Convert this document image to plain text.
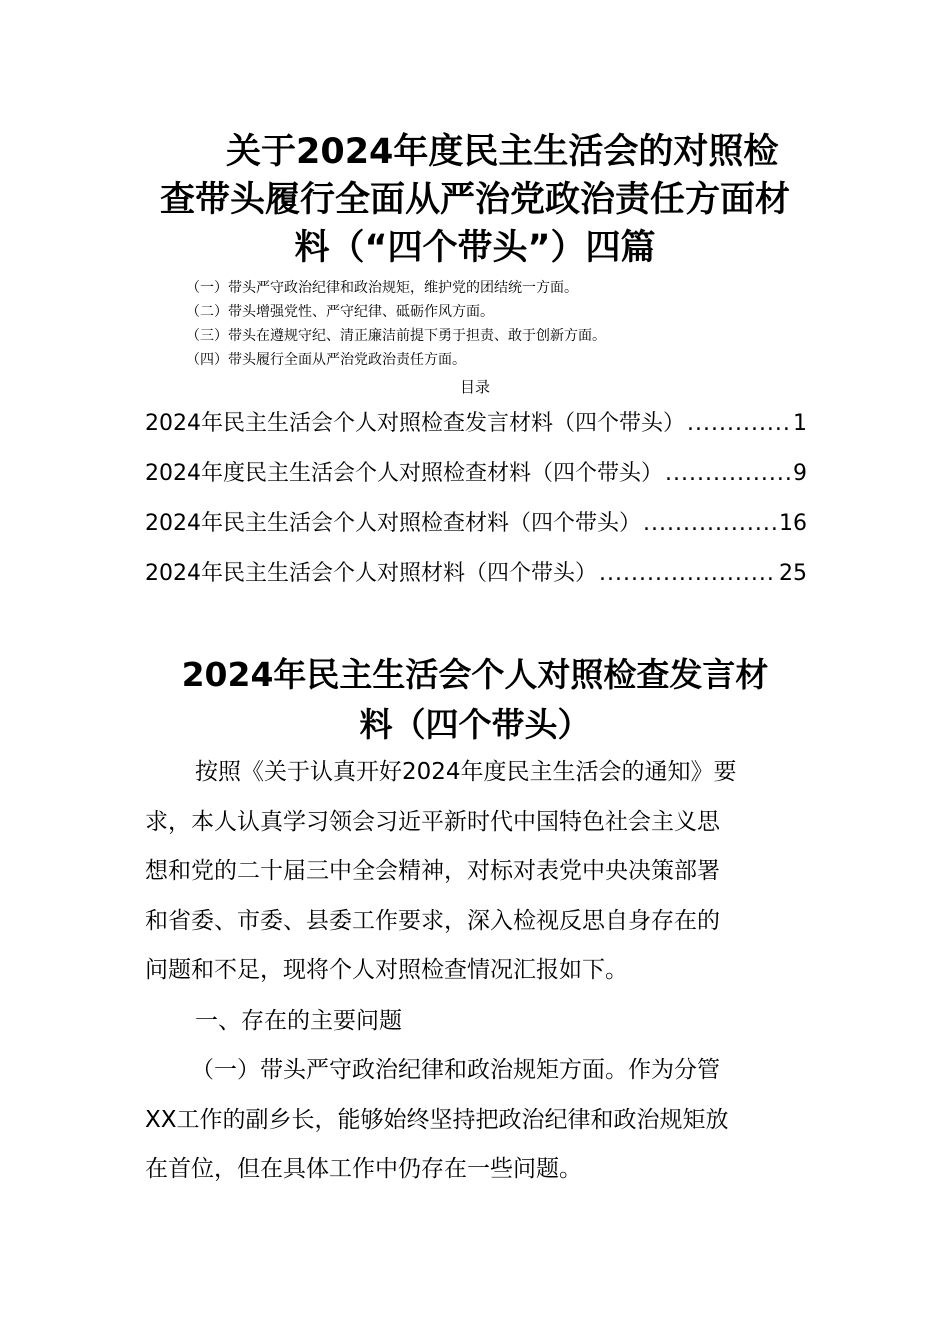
关于2024年度民主生活会的对照检
查带头履行全面从严治党政治责任方面材
料（“四个带头”）四篇
（一）带头严守政治纪律和政治规矩，维护党的团结统一方面。
（二）带头增强党性、严守纪律、砥砺作风方面。
（三）带头在遵规守纪、清正廉洁前提下勇于担责、敢于创新方面。
（四）带头履行全面从严治党政治责任方面。
目录
2024年民主生活会个人对照检查发言材料（四个带头） .....	1
2024年度民主生活会个人对照检查材料（四个带头） .....	9
2024年民主生活会个人对照检查材料（四个带头） .....	16
2024年民主生活会个人对照材料（四个带头） .....	25
2024年民主生活会个人对照检查发言材
料（四个带头）

按照《关于认真开好2024年度民主生活会的通知》要
求，本人认真学习领会习近平新时代中国特色社会主义思
想和党的二十届三中全会精神，对标对表党中央决策部署
和省委、市委、县委工作要求，深入检视反思自身存在的
问题和不足，现将个人对照检查情况汇报如下。

一、存在的主要问题

（一）带头严守政治纪律和政治规矩方面。作为分管
XX工作的副乡长，能够始终坚持把政治纪律和政治规矩放
在首位，但在具体工作中仍存在一些问题。
